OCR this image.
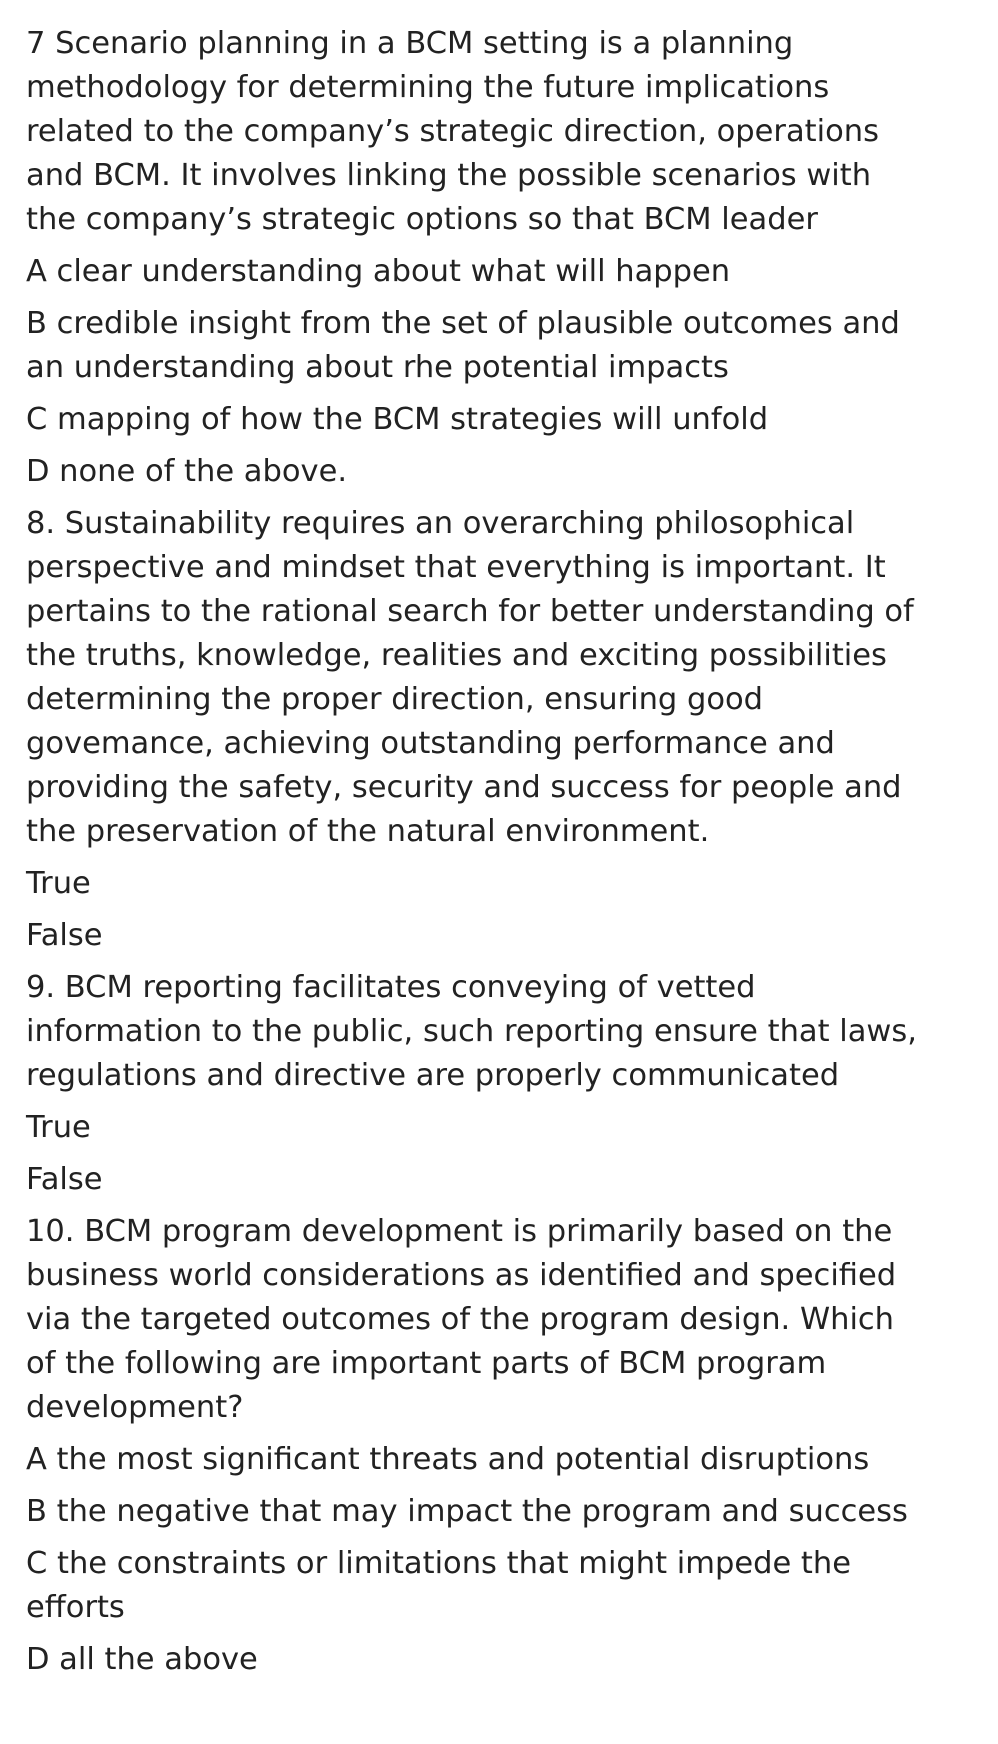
7 Scenario planning in a BCM setting is a planning
methodology for determining the future implications
related to the company’s strategic direction, operations
and BCM. It involves linking the possible scenarios with
the company’s strategic options so that BCM leader
A clear understanding about what will happen
B credible insight from the set of plausible outcomes and
an understanding about rhe potential impacts
C mapping of how the BCM strategies will unfold
D none of the above.
8. Sustainability requires an overarching philosophical
perspective and mindset that everything is important. It
pertains to the rational search for better understanding of
the truths, knowledge, realities and exciting possibilities
determining the proper direction, ensuring good
govemance, achieving outstanding performance and
providing the safety, security and success for people and
the preservation of the natural environment.
True
False
9. BCM reporting facilitates conveying of vetted
information to the public, such reporting ensure that laws,
regulations and directive are properly communicated
True
False
10. BCM program development is primarily based on the
business world considerations as identified and specified
via the targeted outcomes of the program design. Which
of the following are important parts of BCM program
development?
A the most significant threats and potential disruptions
B the negative that may impact the program and success
C the constraints or limitations that might impede the
efforts
D all the above
